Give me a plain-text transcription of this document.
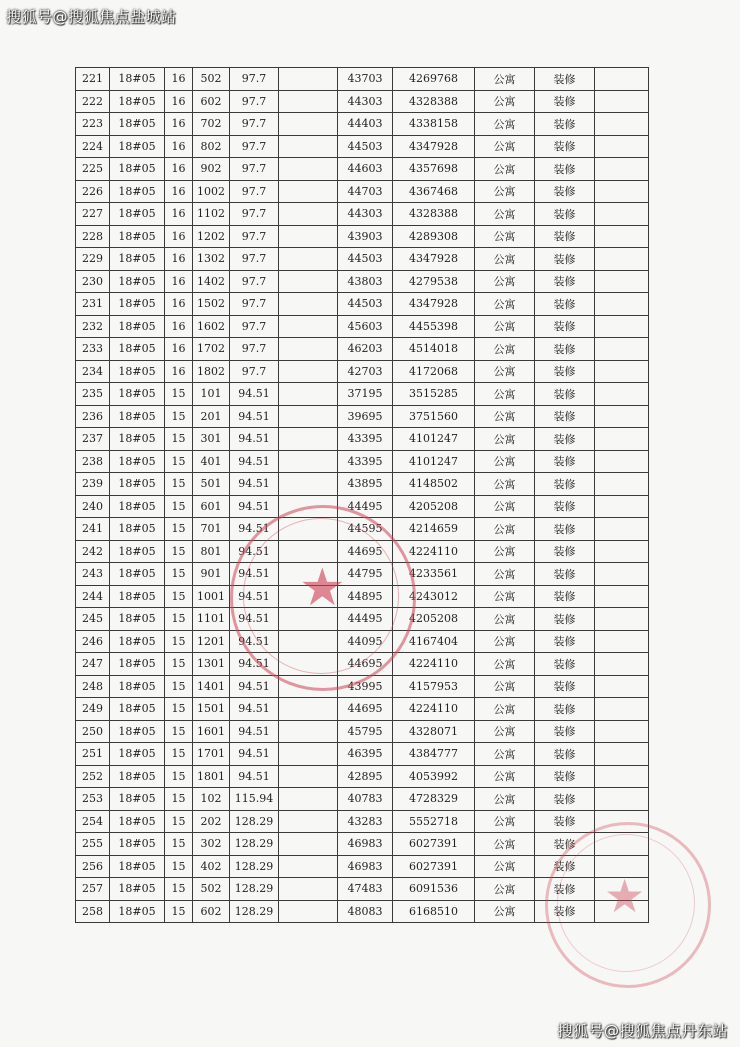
搜狐号@搜狐焦点盐城站
221	18#05	16	502	97.7		43703	4269768	公寓	装修	
222	18#05	16	602	97.7		44303	4328388	公寓	装修	
223	18#05	16	702	97.7		44403	4338158	公寓	装修	
224	18#05	16	802	97.7		44503	4347928	公寓	装修	
225	18#05	16	902	97.7		44603	4357698	公寓	装修	
226	18#05	16	1002	97.7		44703	4367468	公寓	装修	
227	18#05	16	1102	97.7		44303	4328388	公寓	装修	
228	18#05	16	1202	97.7		43903	4289308	公寓	装修	
229	18#05	16	1302	97.7		44503	4347928	公寓	装修	
230	18#05	16	1402	97.7		43803	4279538	公寓	装修	
231	18#05	16	1502	97.7		44503	4347928	公寓	装修	
232	18#05	16	1602	97.7		45603	4455398	公寓	装修	
233	18#05	16	1702	97.7		46203	4514018	公寓	装修	
234	18#05	16	1802	97.7		42703	4172068	公寓	装修	
235	18#05	15	101	94.51		37195	3515285	公寓	装修	
236	18#05	15	201	94.51		39695	3751560	公寓	装修	
237	18#05	15	301	94.51		43395	4101247	公寓	装修	
238	18#05	15	401	94.51		43395	4101247	公寓	装修	
239	18#05	15	501	94.51		43895	4148502	公寓	装修	
240	18#05	15	601	94.51		44495	4205208	公寓	装修	
241	18#05	15	701	94.51		44595	4214659	公寓	装修	
242	18#05	15	801	94.51		44695	4224110	公寓	装修	
243	18#05	15	901	94.51		44795	4233561	公寓	装修	
244	18#05	15	1001	94.51		44895	4243012	公寓	装修	
245	18#05	15	1101	94.51		44495	4205208	公寓	装修	
246	18#05	15	1201	94.51		44095	4167404	公寓	装修	
247	18#05	15	1301	94.51		44695	4224110	公寓	装修	
248	18#05	15	1401	94.51		43995	4157953	公寓	装修	
249	18#05	15	1501	94.51		44695	4224110	公寓	装修	
250	18#05	15	1601	94.51		45795	4328071	公寓	装修	
251	18#05	15	1701	94.51		46395	4384777	公寓	装修	
252	18#05	15	1801	94.51		42895	4053992	公寓	装修	
253	18#05	15	102	115.94		40783	4728329	公寓	装修	
254	18#05	15	202	128.29		43283	5552718	公寓	装修	
255	18#05	15	302	128.29		46983	6027391	公寓	装修	
256	18#05	15	402	128.29		46983	6027391	公寓	装修	
257	18#05	15	502	128.29		47483	6091536	公寓	装修	
258	18#05	15	602	128.29		48083	6168510	公寓	装修	
★
★
搜狐号@搜狐焦点丹东站
